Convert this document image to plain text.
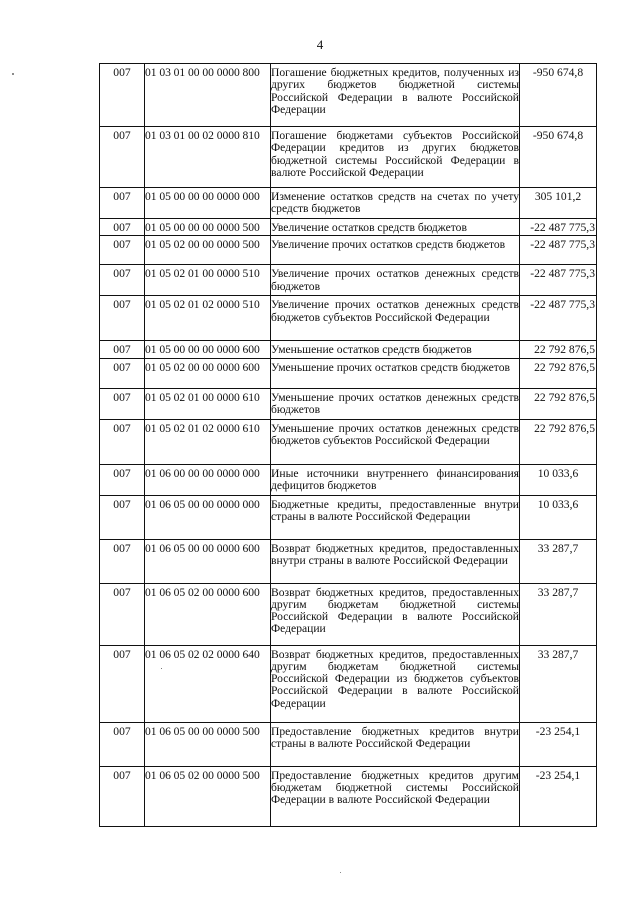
4
007	01 03 01 00 00 0000 800	Погашение бюджетных кредитов, полученных из других бюджетов бюджетной системы Российской Федерации в валюте Российской Федерации	-950 674,8

007	01 03 01 00 02 0000 810	Погашение бюджетами субъектов Российской Федерации кредитов из других бюджетов бюджетной системы Российской Федерации в валюте Российской Федерации	-950 674,8

007	01 05 00 00 00 0000 000	Изменение остатков средств на счетах по учету средств бюджетов	305 101,2

007	01 05 00 00 00 0000 500	Увеличение остатков средств бюджетов	-22 487 775,3

007	01 05 02 00 00 0000 500	Увеличение прочих остатков средств бюджетов	-22 487 775,3

007	01 05 02 01 00 0000 510	Увеличение прочих остатков денежных средств бюджетов	-22 487 775,3

007	01 05 02 01 02 0000 510	Увеличение прочих остатков денежных средств бюджетов субъектов Российской Федерации	-22 487 775,3

007	01 05 00 00 00 0000 600	Уменьшение остатков средств бюджетов	22 792 876,5

007	01 05 02 00 00 0000 600	Уменьшение прочих остатков средств бюджетов	22 792 876,5

007	01 05 02 01 00 0000 610	Уменьшение прочих остатков денежных средств бюджетов	22 792 876,5

007	01 05 02 01 02 0000 610	Уменьшение прочих остатков денежных средств бюджетов субъектов Российской Федерации	22 792 876,5

007	01 06 00 00 00 0000 000	Иные источники внутреннего финансирования дефицитов бюджетов	10 033,6

007	01 06 05 00 00 0000 000	Бюджетные кредиты, предоставленные внутри страны в валюте Российской Федерации	10 033,6

007	01 06 05 00 00 0000 600	Возврат бюджетных кредитов, предоставленных внутри страны в валюте Российской Федерации	33 287,7

007	01 06 05 02 00 0000 600	Возврат бюджетных кредитов, предоставленных другим бюджетам бюджетной системы Российской Федерации в валюте Российской Федерации	33 287,7

007	01 06 05 02 02 0000 640	Возврат бюджетных кредитов, предоставленных другим бюджетам бюджетной системы Российской Федерации из бюджетов субъектов Российской Федерации в валюте Российской Федерации	33 287,7

007	01 06 05 00 00 0000 500	Предоставление бюджетных кредитов внутри страны в валюте Российской Федерации	-23 254,1

007	01 06 05 02 00 0000 500	Предоставление бюджетных кредитов другим бюджетам бюджетной системы Российской Федерации в валюте Российской Федерации	-23 254,1
